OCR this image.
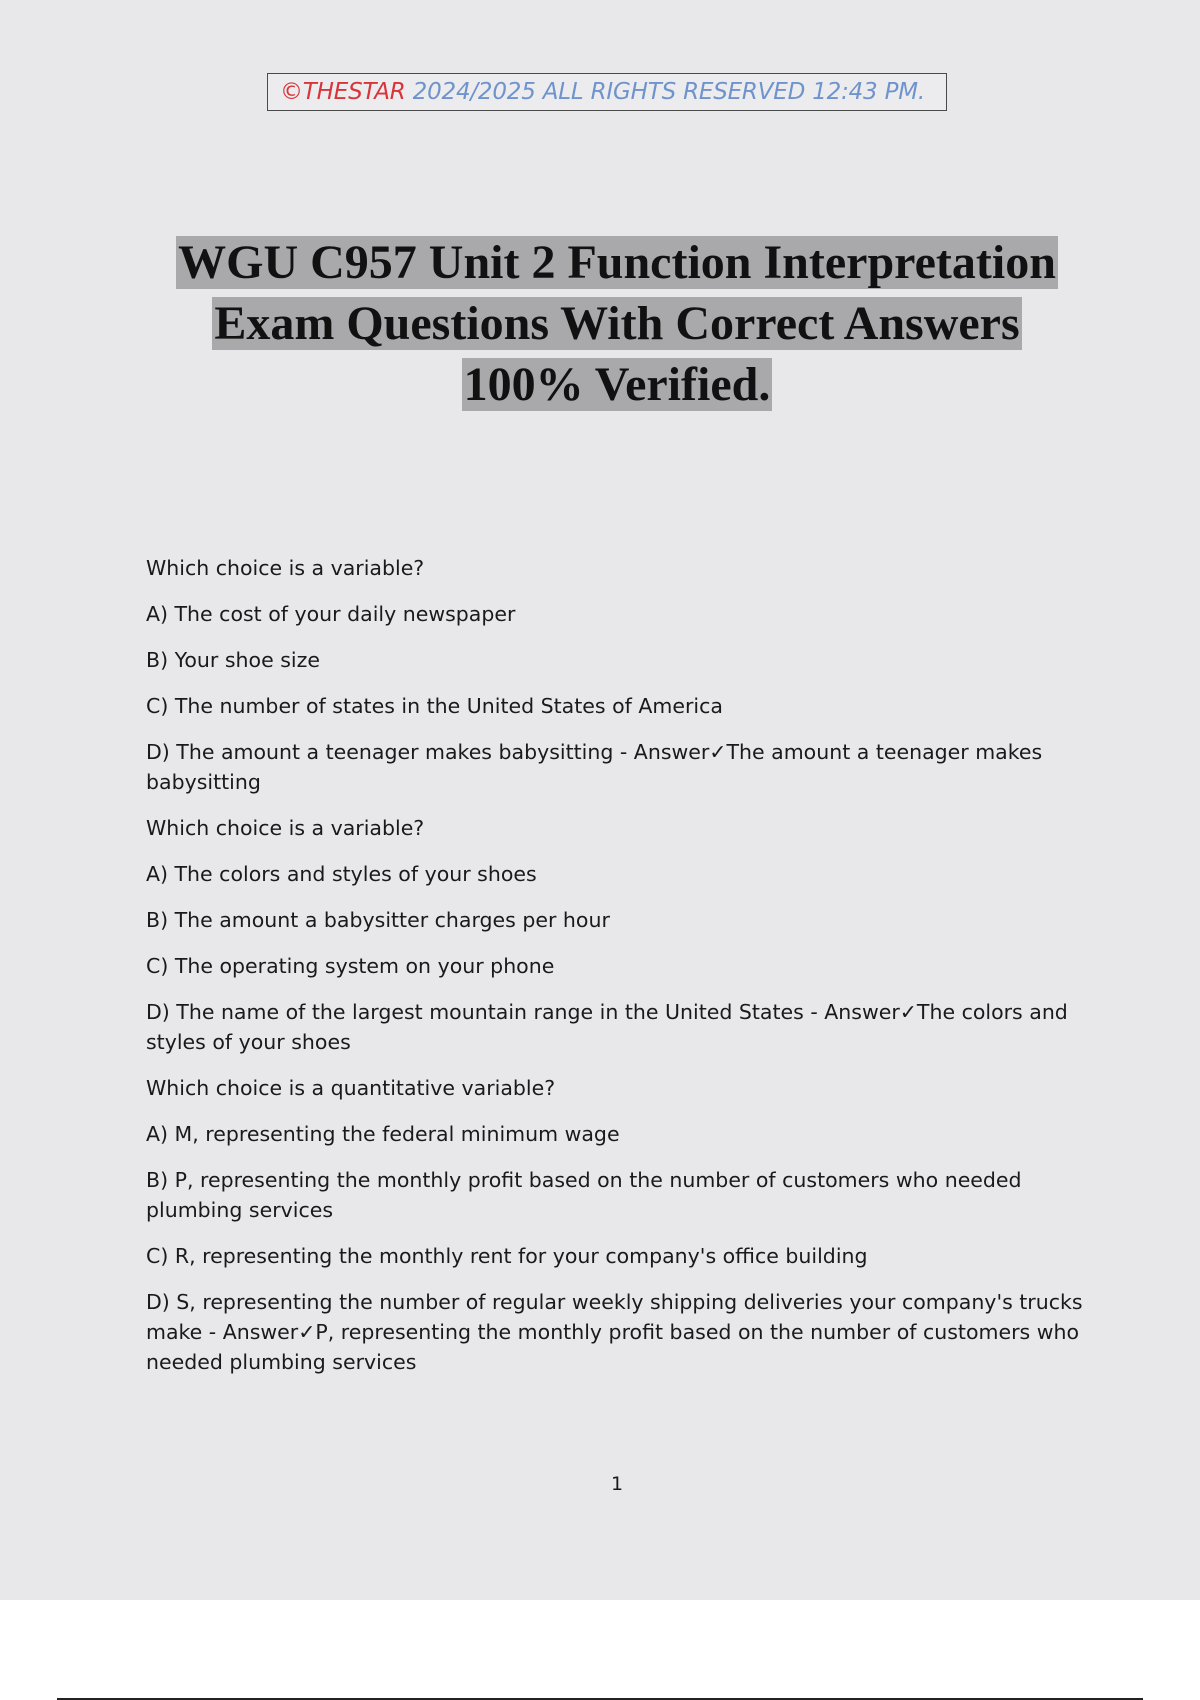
©THESTAR 2024/2025 ALL RIGHTS RESERVED 12:43 PM.
WGU C957 Unit 2 Function Interpretation
Exam Questions With Correct Answers
100% Verified.

Which choice is a variable?

A) The cost of your daily newspaper

B) Your shoe size

C) The number of states in the United States of America

D) The amount a teenager makes babysitting - Answer✓The amount a teenager makes babysitting

Which choice is a variable?

A) The colors and styles of your shoes

B) The amount a babysitter charges per hour

C) The operating system on your phone

D) The name of the largest mountain range in the United States - Answer✓The colors and styles of your shoes

Which choice is a quantitative variable?

A) M, representing the federal minimum wage

B) P, representing the monthly profit based on the number of customers who needed plumbing services

C) R, representing the monthly rent for your company's office building

D) S, representing the number of regular weekly shipping deliveries your company's trucks make - Answer✓P, representing the monthly profit based on the number of customers who needed plumbing services

1
